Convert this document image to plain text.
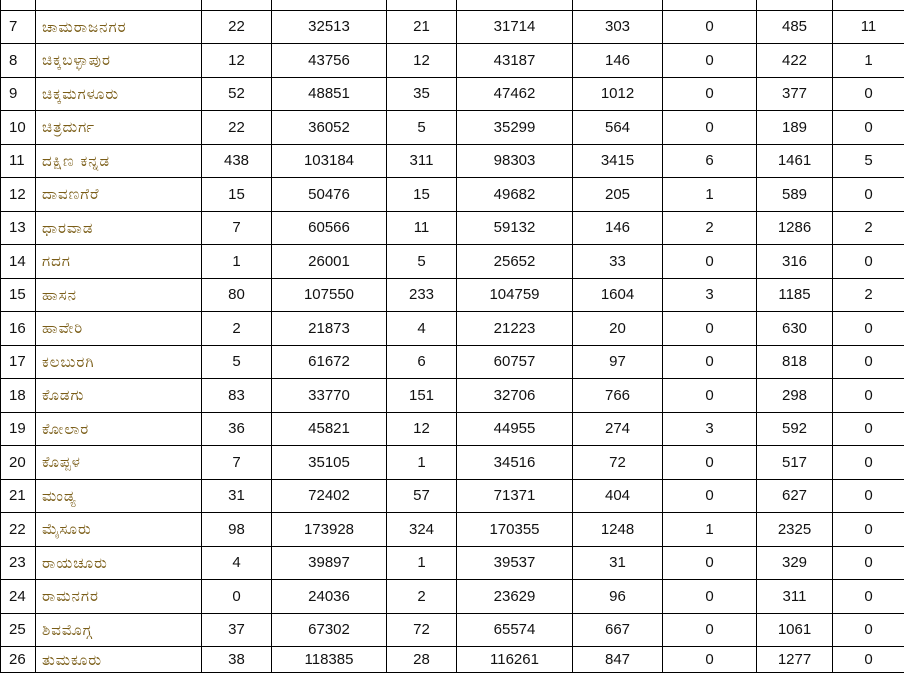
7	ಚಾಮರಾಜನಗರ	22	32513	21	31714	303	0	485	11
8	ಚಿಕ್ಕಬಳ್ಳಾಪುರ	12	43756	12	43187	146	0	422	1
9	ಚಿಕ್ಕಮಗಳೂರು	52	48851	35	47462	1012	0	377	0
10	ಚಿತ್ರದುರ್ಗ	22	36052	5	35299	564	0	189	0
11	ದಕ್ಷಿಣ ಕನ್ನಡ	438	103184	311	98303	3415	6	1461	5
12	ದಾವಣಗೆರೆ	15	50476	15	49682	205	1	589	0
13	ಧಾರವಾಡ	7	60566	11	59132	146	2	1286	2
14	ಗದಗ	1	26001	5	25652	33	0	316	0
15	ಹಾಸನ	80	107550	233	104759	1604	3	1185	2
16	ಹಾವೇರಿ	2	21873	4	21223	20	0	630	0
17	ಕಲಬುರಗಿ	5	61672	6	60757	97	0	818	0
18	ಕೊಡಗು	83	33770	151	32706	766	0	298	0
19	ಕೋಲಾರ	36	45821	12	44955	274	3	592	0
20	ಕೊಪ್ಪಳ	7	35105	1	34516	72	0	517	0
21	ಮಂಡ್ಯ	31	72402	57	71371	404	0	627	0
22	ಮೈಸೂರು	98	173928	324	170355	1248	1	2325	0
23	ರಾಯಚೂರು	4	39897	1	39537	31	0	329	0
24	ರಾಮನಗರ	0	24036	2	23629	96	0	311	0
25	ಶಿವಮೊಗ್ಗ	37	67302	72	65574	667	0	1061	0
26	ತುಮಕೂರು	38	118385	28	116261	847	0	1277	0
